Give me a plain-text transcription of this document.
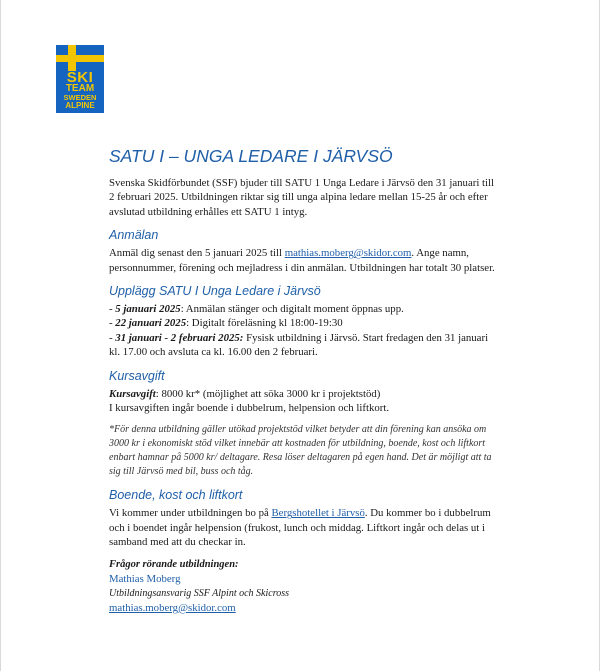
SKI
TEAM
SWEDEN
ALPINE
SATU I – UNGA LEDARE I JÄRVSÖ

Svenska Skidförbundet (SSF) bjuder till SATU 1 Unga Ledare i Järvsö den 31 januari till 2 februari 2025. Utbildningen riktar sig till unga alpina ledare mellan 15-25 år och efter avslutad utbildning erhålles ett SATU 1 intyg.

Anmälan

Anmäl dig senast den 5 januari 2025 till mathias.moberg@skidor.com. Ange namn, personnummer, förening och mejladress i din anmälan. Utbildningen har totalt 30 platser.

Upplägg SATU I Unga Ledare i Järvsö

- 5 januari 2025: Anmälan stänger och digitalt moment öppnas upp.

- 22 januari 2025: Digitalt föreläsning kl 18:00-19:30

- 31 januari - 2 februari 2025: Fysisk utbildning i Järvsö. Start fredagen den 31 januari kl. 17.00 och avsluta ca kl. 16.00 den 2 februari.

Kursavgift

Kursavgift: 8000 kr* (möjlighet att söka 3000 kr i projektstöd)

I kursavgiften ingår boende i dubbelrum, helpension och liftkort.

*För denna utbildning gäller utökad projektstöd vilket betyder att din förening kan ansöka om 3000 kr i ekonomiskt stöd vilket innebär att kostnaden för utbildning, boende, kost och liftkort enbart hamnar på 5000 kr/ deltagare. Resa löser deltagaren på egen hand. Det är möjligt att ta sig till Järvsö med bil, buss och tåg.

Boende, kost och liftkort

Vi kommer under utbildningen bo på Bergshotellet i Järvsö. Du kommer bo i dubbelrum och i boendet ingår helpension (frukost, lunch och middag. Liftkort ingår och delas ut i samband med att du checkar in.

Frågor rörande utbildningen:

Mathias Moberg

Utbildningsansvarig SSF Alpint och Skicross

mathias.moberg@skidor.com
